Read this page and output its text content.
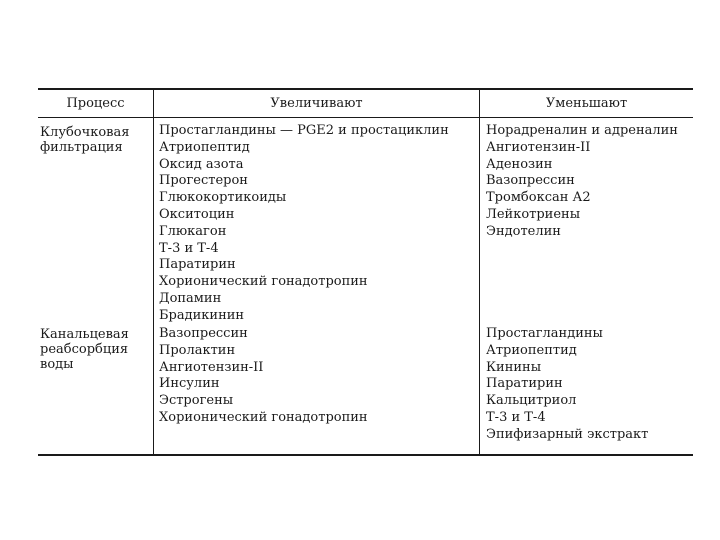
Процесс	Увеличивают	Уменьшают
Клубочковая фильтрация
Простагландины — PGE2 и простациклин
Атриопептид
Оксид азота
Прогестерон
Глюкокортикоиды
Окситоцин
Глюкагон
Т-3 и Т-4
Паратирин
Хорионический гонадотропин
Допамин
Брадикинин
Норадреналин и адреналин
Ангиотензин-II
Аденозин
Вазопрессин
Тромбоксан А2
Лейкотриены
Эндотелин
Канальцевая реабсорбция воды
Вазопрессин
Пролактин
Ангиотензин-II
Инсулин
Эстрогены
Хорионический гонадотропин
Простагландины
Атриопептид
Кинины
Паратирин
Кальцитриол
Т-3 и Т-4
Эпифизарный экстракт
